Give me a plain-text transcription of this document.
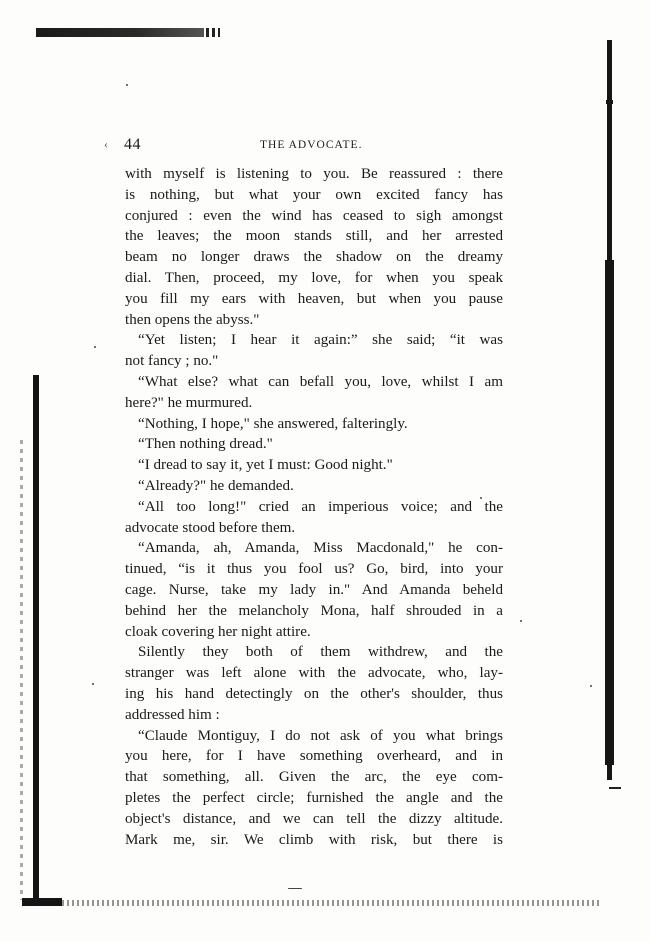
‹ 44	THE ADVOCATE.
with myself is listening to you. Be reassured : there
is nothing, but what your own excited fancy has
conjured : even the wind has ceased to sigh amongst
the leaves; the moon stands still, and her arrested
beam no longer draws the shadow on the dreamy
dial. Then, proceed, my love, for when you speak
you fill my ears with heaven, but when you pause
then opens the abyss."
“Yet listen; I hear it again:” she said; “it was
not fancy ; no."
“What else? what can befall you, love, whilst I am
here?" he murmured.
“Nothing, I hope," she answered, falteringly.
“Then nothing dread."
“I dread to say it, yet I must: Good night."
“Already?" he demanded.
“All too long!" cried an imperious voice; and the
advocate stood before them.
“Amanda, ah, Amanda, Miss Macdonald," he con-
tinued, “is it thus you fool us? Go, bird, into your
cage. Nurse, take my lady in." And Amanda beheld
behind her the melancholy Mona, half shrouded in a
cloak covering her night attire.
Silently they both of them withdrew, and the
stranger was left alone with the advocate, who, lay-
ing his hand detectingly on the other's shoulder, thus
addressed him :
“Claude Montiguy, I do not ask of you what brings
you here, for I have something overheard, and in
that something, all. Given the arc, the eye com-
pletes the perfect circle; furnished the angle and the
object's distance, and we can tell the dizzy altitude.
Mark me, sir. We climb with risk, but there is
